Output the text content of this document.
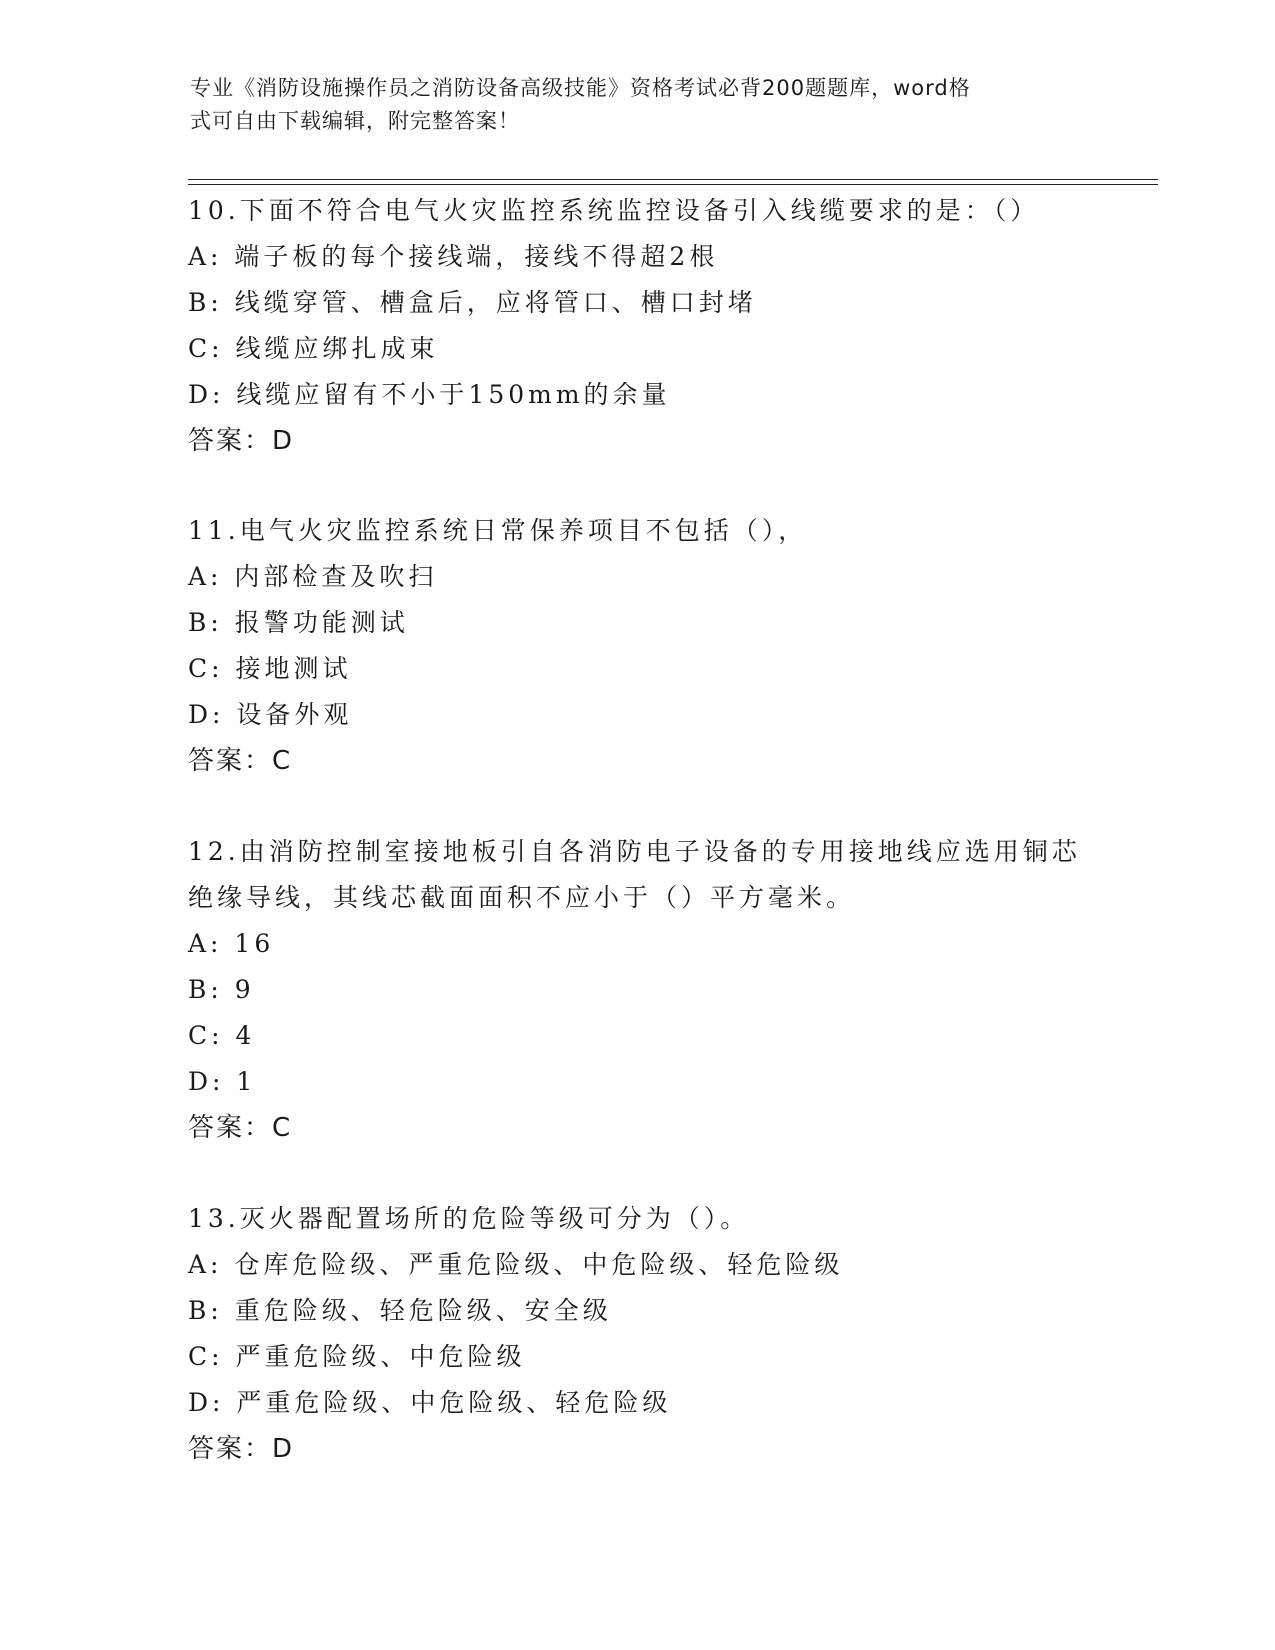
专业《消防设施操作员之消防设备高级技能》资格考试必背200题题库，word格
式可自由下载编辑，附完整答案！
10.下面不符合电气火灾监控系统监控设备引入线缆要求的是：（）
A: 端子板的每个接线端，接线不得超2根
B: 线缆穿管、槽盒后，应将管口、槽口封堵
C: 线缆应绑扎成束
D: 线缆应留有不小于150mm的余量
答案：D
11.电气火灾监控系统日常保养项目不包括（），
A: 内部检查及吹扫
B: 报警功能测试
C: 接地测试
D: 设备外观
答案：C
12.由消防控制室接地板引自各消防电子设备的专用接地线应选用铜芯
绝缘导线，其线芯截面面积不应小于（）平方毫米。
A: 16
B: 9
C: 4
D: 1
答案：C
13.灭火器配置场所的危险等级可分为（）。
A: 仓库危险级、严重危险级、中危险级、轻危险级
B: 重危险级、轻危险级、安全级
C: 严重危险级、中危险级
D: 严重危险级、中危险级、轻危险级
答案：D
